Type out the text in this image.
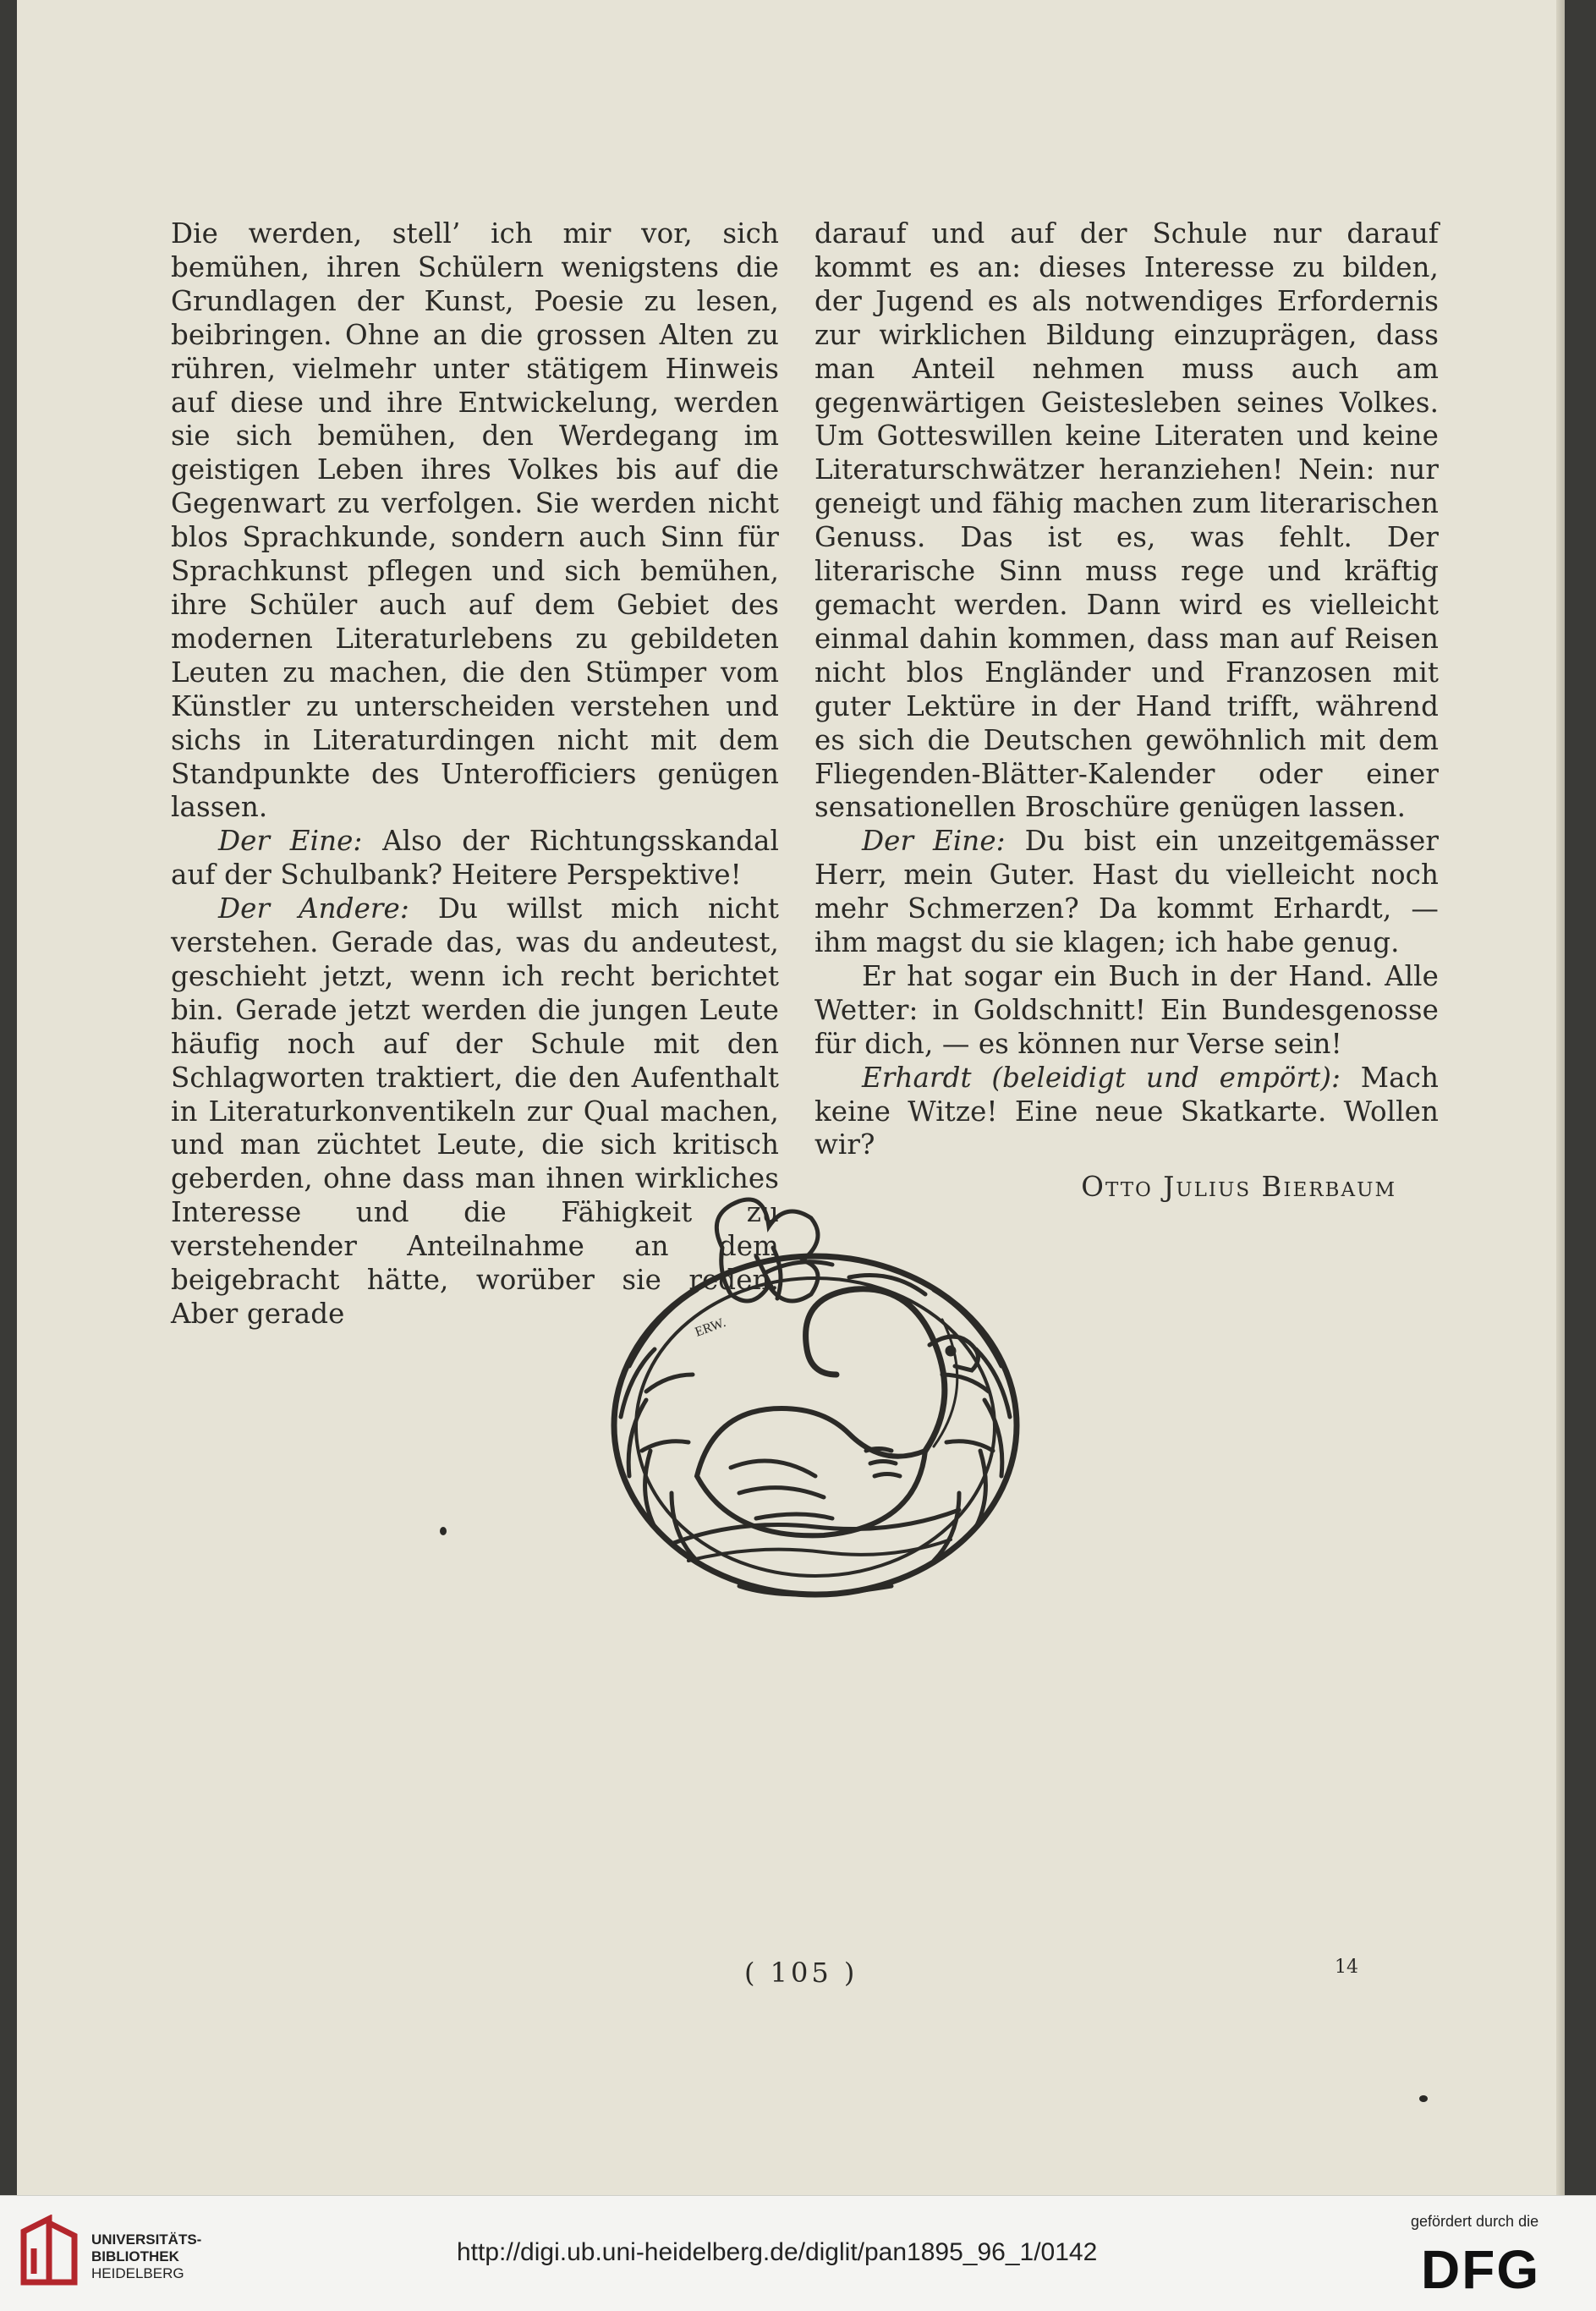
Die werden, stell’ ich mir vor, sich bemühen, ihren Schülern wenigstens die Grundlagen der Kunst, Poesie zu lesen, beibringen. Ohne an die grossen Alten zu rühren, vielmehr unter stätigem Hinweis auf diese und ihre Entwickelung, werden sie sich bemühen, den Werdegang im geistigen Leben ihres Volkes bis auf die Gegenwart zu verfolgen. Sie werden nicht blos Sprachkunde, sondern auch Sinn für Sprachkunst pflegen und sich bemühen, ihre Schüler auch auf dem Gebiet des modernen Literaturlebens zu gebildeten Leuten zu machen, die den Stümper vom Künstler zu unterscheiden verstehen und sichs in Literaturdingen nicht mit dem Standpunkte des Unterofficiers genügen lassen.

Der Eine: Also der Richtungsskandal auf der Schulbank? Heitere Perspektive!

Der Andere: Du willst mich nicht verstehen. Gerade das, was du andeutest, geschieht jetzt, wenn ich recht berichtet bin. Gerade jetzt werden die jungen Leute häufig noch auf der Schule mit den Schlagworten traktiert, die den Aufenthalt in Literaturkonventikeln zur Qual machen, und man züchtet Leute, die sich kritisch geberden, ohne dass man ihnen wirkliches Interesse und die Fähigkeit zu verstehender Anteilnahme an dem beigebracht hätte, worüber sie reden. Aber gerade

darauf und auf der Schule nur darauf kommt es an: dieses Interesse zu bilden, der Jugend es als notwendiges Erfordernis zur wirklichen Bildung einzuprägen, dass man Anteil nehmen muss auch am gegenwärtigen Geistesleben seines Volkes. Um Gotteswillen keine Literaten und keine Literaturschwätzer heranziehen! Nein: nur geneigt und fähig machen zum literarischen Genuss. Das ist es, was fehlt. Der literarische Sinn muss rege und kräftig gemacht werden. Dann wird es vielleicht einmal dahin kommen, dass man auf Reisen nicht blos Engländer und Franzosen mit guter Lektüre in der Hand trifft, während es sich die Deutschen gewöhnlich mit dem Fliegenden-Blätter-Kalender oder einer sensationellen Broschüre genügen lassen.

Der Eine: Du bist ein unzeitgemässer Herr, mein Guter. Hast du vielleicht noch mehr Schmerzen? Da kommt Erhardt, — ihm magst du sie klagen; ich habe genug.

Er hat sogar ein Buch in der Hand. Alle Wetter: in Goldschnitt! Ein Bundesgenosse für dich, — es können nur Verse sein!

Erhardt (beleidigt und empört): Mach keine Witze! Eine neue Skatkarte. Wollen wir?

Otto Julius Bierbaum

ERW.
( 105 )	14
UNIVERSITÄTS-
BIBLIOTHEK
HEIDELBERG
http://digi.ub.uni-heidelberg.de/diglit/pan1895_96_1/0142
gefördert durch die
DFG
